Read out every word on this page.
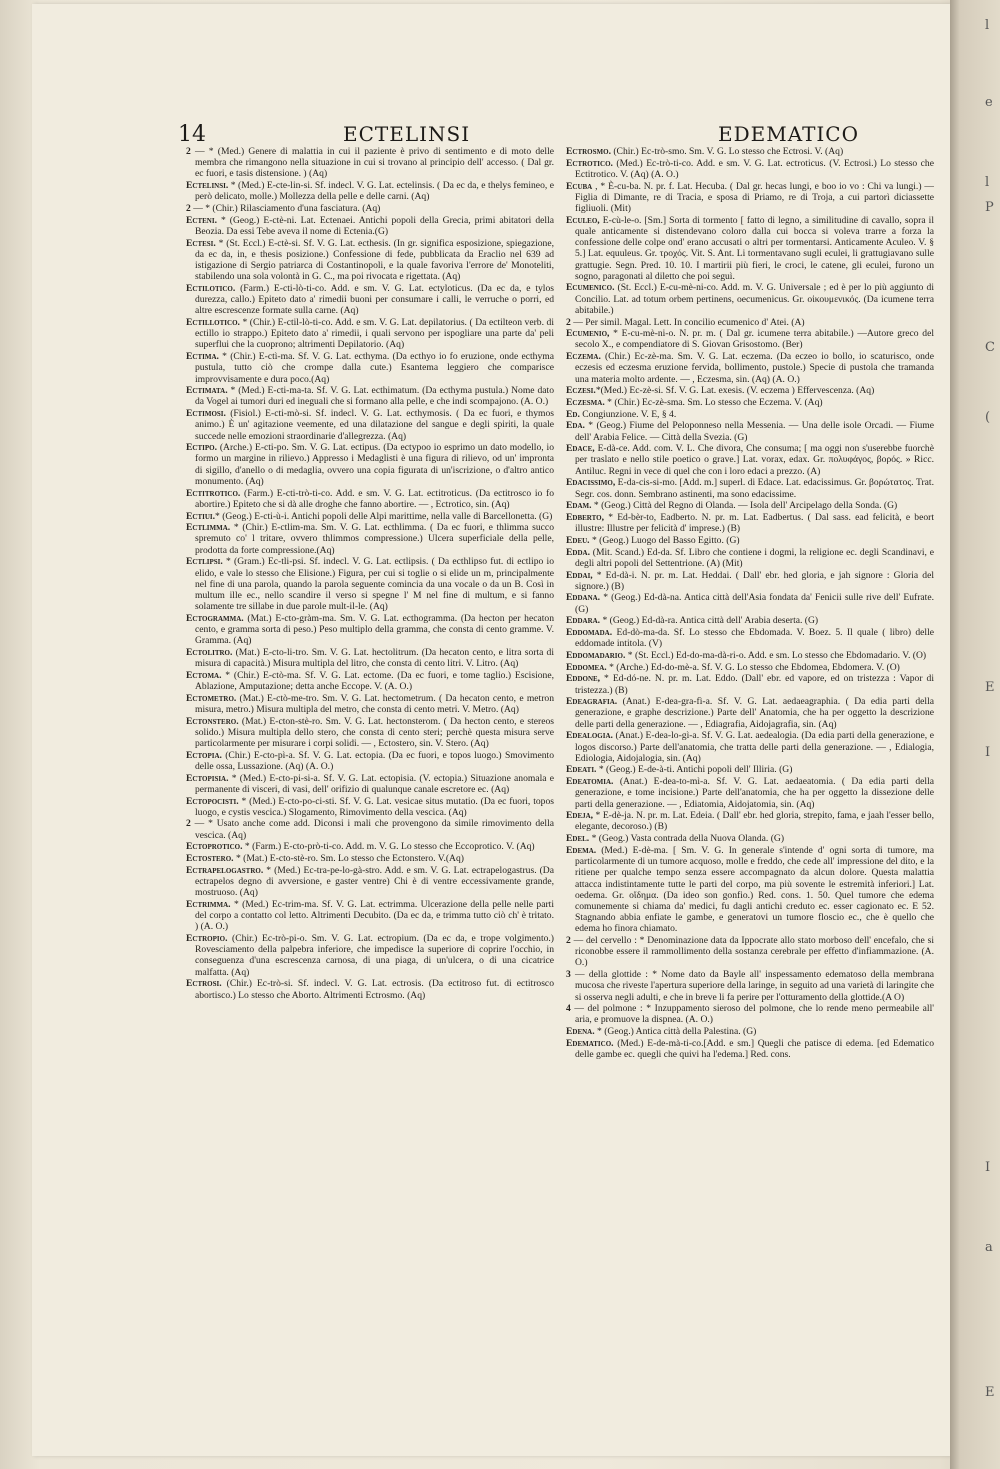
l
e
l
P
C
(
E
I
I
a
E
14	ECTELINSI	EDEMATICO

2 — * (Med.) Genere di malattia in cui il paziente è privo di sentimento e di moto delle membra che rimangono nella situazione in cui si trovano al principio dell' accesso. ( Dal gr. ec fuori, e tasis distensione. ) (Aq)

Ectelinsi. * (Med.) E-cte-lin-si. Sf. indecl. V. G. Lat. ectelinsis. ( Da ec da, e thelys femineo, e però delicato, molle.) Mollezza della pelle e delle carni. (Aq)

2 — * (Chir.) Rilasciamento d'una fasciatura. (Aq)

Ecteni. * (Geog.) E-ctè-ni. Lat. Ectenaei. Antichi popoli della Grecia, primi abitatori della Beozia. Da essi Tebe aveva il nome di Ectenia.(G)

Ectesi. * (St. Eccl.) E-ctè-si. Sf. V. G. Lat. ecthesis. (In gr. significa esposizione, spiegazione, da ec da, in, e thesis posizione.) Confessione di fede, pubblicata da Eraclio nel 639 ad istigazione di Sergio patriarca di Costantinopoli, e la quale favoriva l'errore de' Monoteliti, stabilendo una sola volontà in G. C., ma poi rivocata e rigettata. (Aq)

Ectilotico. (Farm.) E-cti-lò-ti-co. Add. e sm. V. G. Lat. ectyloticus. (Da ec da, e tylos durezza, callo.) Epiteto dato a' rimedii buoni per consumare i calli, le verruche o porri, ed altre escrescenze formate sulla carne. (Aq)

Ectillotico. * (Chir.) E-ctil-lò-ti-co. Add. e sm. V. G. Lat. depilatorius. ( Da ectilteon verb. di ectillo io strappo.) Epiteto dato a' rimedii, i quali servono per ispogliare una parte da' peli superflui che la cuoprono; altrimenti Depilatorio. (Aq)

Ectima. * (Chir.) E-ctì-ma. Sf. V. G. Lat. ecthyma. (Da ecthyo io fo eruzione, onde ecthyma pustula, tutto ciò che crompe dalla cute.) Esantema leggiero che comparisce improvvisamente e dura poco.(Aq)

Ectimata. * (Med.) E-cti-ma-ta. Sf. V. G. Lat. ecthimatum. (Da ecthyma pustula.) Nome dato da Vogel ai tumori duri ed ineguali che si formano alla pelle, e che indi scompajono. (A. O.)

Ectimosi. (Fisiol.) E-cti-mò-si. Sf. indecl. V. G. Lat. ecthymosis. ( Da ec fuori, e thymos animo.) È un' agitazione veemente, ed una dilatazione del sangue e degli spiriti, la quale succede nelle emozioni straordinarie d'allegrezza. (Aq)

Ectipo. (Arche.) E-cti-po. Sm. V. G. Lat. ectipus. (Da ectypoo io esprimo un dato modello, io formo un margine in rilievo.) Appresso i Medaglisti è una figura di rilievo, od un' impronta di sigillo, d'anello o di medaglia, ovvero una copia figurata di un'iscrizione, o d'altro antico monumento. (Aq)

Ectitrotico. (Farm.) E-cti-trò-ti-co. Add. e sm. V. G. Lat. ectitroticus. (Da ectitrosco io fo abortire.) Epiteto che si dà alle droghe che fanno abortire. — , Ectrotico, sin. (Aq)

Ectiui.* (Geog.) E-cti-ù-i. Antichi popoli delle Alpi marittime, nella valle di Barcellonetta. (G)

Ectlimma. * (Chir.) E-ctlim-ma. Sm. V. G. Lat. ecthlimma. ( Da ec fuori, e thlimma succo spremuto co' l tritare, ovvero thlimmos compressione.) Ulcera superficiale della pelle, prodotta da forte compressione.(Aq)

Ectlipsi. * (Gram.) Ec-tli-psi. Sf. indecl. V. G. Lat. ectlipsis. ( Da ecthlipso fut. di ectlipo io elido, e vale lo stesso che Elisione.) Figura, per cui si toglie o si elide un m, principalmente nel fine di una parola, quando la parola seguente comincia da una vocale o da un B. Così in multum ille ec., nello scandire il verso si spegne l' M nel fine di multum, e si fanno solamente tre sillabe in due parole mult-il-le. (Aq)

Ectogramma. (Mat.) E-cto-gràm-ma. Sm. V. G. Lat. ecthogramma. (Da hecton per hecaton cento, e gramma sorta di peso.) Peso multiplo della gramma, che consta di cento gramme. V. Gramma. (Aq)

Ectolitro. (Mat.) E-cto-li-tro. Sm. V. G. Lat. hectolitrum. (Da hecaton cento, e litra sorta di misura di capacità.) Misura multipla del litro, che consta di cento litri. V. Litro. (Aq)

Ectoma. * (Chir.) E-ctò-ma. Sf. V. G. Lat. ectome. (Da ec fuori, e tome taglio.) Escisione, Ablazione, Amputazione; detta anche Eccope. V. (A. O.)

Ectometro. (Mat.) E-ctò-me-tro. Sm. V. G. Lat. hectometrum. ( Da hecaton cento, e metron misura, metro.) Misura multipla del metro, che consta di cento metri. V. Metro. (Aq)

Ectonstero. (Mat.) E-cton-stè-ro. Sm. V. G. Lat. hectonsterom. ( Da hecton cento, e stereos solido.) Misura multipla dello stero, che consta di cento steri; perchè questa misura serve particolarmente per misurare i corpi solidi. — , Ectostero, sin. V. Stero. (Aq)

Ectopia. (Chir.) E-cto-pì-a. Sf. V. G. Lat. ectopia. (Da ec fuori, e topos luogo.) Smovimento delle ossa, Lussazione. (Aq) (A. O.)

Ectopisia. * (Med.) E-cto-pi-si-a. Sf. V. G. Lat. ectopisia. (V. ectopia.) Situazione anomala e permanente di visceri, di vasi, dell' orifizio di qualunque canale escretore ec. (Aq)

Ectopocisti. * (Med.) E-cto-po-ci-sti. Sf. V. G. Lat. vesicae situs mutatio. (Da ec fuori, topos luogo, e cystis vescica.) Slogamento, Rimovimento della vescica. (Aq)

2 — * Usato anche come add. Diconsi i mali che provengono da simile rimovimento della vescica. (Aq)

Ectoprotico. * (Farm.) E-cto-prò-ti-co. Add. m. V. G. Lo stesso che Eccoprotico. V. (Aq)

Ectostero. * (Mat.) E-cto-stè-ro. Sm. Lo stesso che Ectonstero. V.(Aq)

Ectrapelogastro. * (Med.) Ec-tra-pe-lo-gà-stro. Add. e sm. V. G. Lat. ectrapelogastrus. (Da ectrapelos degno di avversione, e gaster ventre) Chi è di ventre eccessivamente grande, mostruoso. (Aq)

Ectrimma. * (Med.) Ec-trim-ma. Sf. V. G. Lat. ectrimma. Ulcerazione della pelle nelle parti del corpo a contatto col letto. Altrimenti Decubito. (Da ec da, e trimma tutto ciò ch' è tritato. ) (A. O.)

Ectropio. (Chir.) Ec-trò-pi-o. Sm. V. G. Lat. ectropium. (Da ec da, e trope volgimento.) Rovesciamento della palpebra inferiore, che impedisce la superiore di coprire l'occhio, in conseguenza d'una escrescenza carnosa, di una piaga, di un'ulcera, o di una cicatrice malfatta. (Aq)

Ectrosi. (Chir.) Ec-trò-si. Sf. indecl. V. G. Lat. ectrosis. (Da ectitroso fut. di ectitrosco abortisco.) Lo stesso che Aborto. Altrimenti Ectrosmo. (Aq)

Ectrosmo. (Chir.) Ec-trò-smo. Sm. V. G. Lo stesso che Ectrosi. V. (Aq)

Ectrotico. (Med.) Ec-trò-ti-co. Add. e sm. V. G. Lat. ectroticus. (V. Ectrosi.) Lo stesso che Ectitrotico. V. (Aq) (A. O.)

Ecuba , * È-cu-ba. N. pr. f. Lat. Hecuba. ( Dal gr. hecas lungi, e boo io vo : Chi va lungi.) — Figlia di Dimante, re di Tracia, e sposa di Priamo, re di Troja, a cui partorì diciassette figliuoli. (Mit)

Eculeo, E-cù-le-o. [Sm.] Sorta di tormento [ fatto di legno, a similitudine di cavallo, sopra il quale anticamente si distendevano coloro dalla cui bocca si voleva trarre a forza la confessione delle colpe ond' erano accusati o altri per tormentarsi. Anticamente Aculeo. V. § 5.] Lat. equuleus. Gr. τροχός. Vit. S. Ant. Li tormentavano sugli eculei, li grattugiavano sulle grattugie. Segn. Pred. 10. 10. I martirii più fieri, le croci, le catene, gli eculei, furono un sogno, paragonati al diletto che poi seguì.

Ecumenico. (St. Eccl.) E-cu-mè-ni-co. Add. m. V. G. Universale ; ed è per lo più aggiunto di Concilio. Lat. ad totum orbem pertinens, oecumenicus. Gr. οἰκουμενικός. (Da icumene terra abitabile.)

2 — Per simil. Magal. Lett. In concilio ecumenico d' Atei. (A)

Ecumenio, * E-cu-mè-ni-o. N. pr. m. ( Dal gr. icumene terra abitabile.) —Autore greco del secolo X., e compendiatore di S. Giovan Grisostomo. (Ber)

Eczema. (Chir.) Ec-zè-ma. Sm. V. G. Lat. eczema. (Da eczeo io bollo, io scaturisco, onde eczesis ed eczesma eruzione fervida, bollimento, pustole.) Specie di pustola che tramanda una materia molto ardente. — , Eczesma, sin. (Aq) (A. O.)

Eczesi.*(Med.) Ec-zè-si. Sf. V. G. Lat. exesis. (V. eczema ) Effervescenza. (Aq)

Eczesma. * (Chir.) Ec-zè-sma. Sm. Lo stesso che Eczema. V. (Aq)

Ed. Congiunzione. V. E, § 4.

Eda. * (Geog.) Fiume del Peloponneso nella Messenia. — Una delle isole Orcadi. — Fiume dell' Arabia Felice. — Città della Svezia. (G)

Edace, E-dà-ce. Add. com. V. L. Che divora, Che consuma; [ ma oggi non s'userebbe fuorchè per traslato e nello stile poetico o grave.] Lat. vorax, edax. Gr. πολυφάγος, βορός. » Ricc. Antiluc. Regni in vece di quel che con i loro edaci a prezzo. (A)

Edacissimo, E-da-cis-si-mo. [Add. m.] superl. di Edace. Lat. edacissimus. Gr. βορώτατος. Trat. Segr. cos. donn. Sembrano astinenti, ma sono edacissime.

Edam. * (Geog.) Città del Regno di Olanda. — Isola dell' Arcipelago della Sonda. (G)

Edberto, * Ed-bèr-to, Eadberto. N. pr. m. Lat. Eadbertus. ( Dal sass. ead felicità, e beort illustre: Illustre per felicità d' imprese.) (B)

Edeu. * (Geog.) Luogo del Basso Egitto. (G)

Edda. (Mit. Scand.) Ed-da. Sf. Libro che contiene i dogmi, la religione ec. degli Scandinavi, e degli altri popoli del Settentrione. (A) (Mit)

Eddai, * Ed-dà-i. N. pr. m. Lat. Heddai. ( Dall' ebr. hed gloria, e jah signore : Gloria del signore.) (B)

Eddana. * (Geog.) Ed-dà-na. Antica città dell'Asia fondata da' Fenicii sulle rive dell' Eufrate. (G)

Eddara. * (Geog.) Ed-dà-ra. Antica città dell' Arabia deserta. (G)

Eddomada. Ed-dò-ma-da. Sf. Lo stesso che Ebdomada. V. Boez. 5. Il quale ( libro) delle eddomade intitola. (V)

Eddomadario. * (St. Eccl.) Ed-do-ma-dà-ri-o. Add. e sm. Lo stesso che Ebdomadario. V. (O)

Eddomea. * (Arche.) Ed-do-mè-a. Sf. V. G. Lo stesso che Ebdomea, Ebdomera. V. (O)

Eddone, * Ed-dó-ne. N. pr. m. Lat. Eddo. (Dall' ebr. ed vapore, ed on tristezza : Vapor di tristezza.) (B)

Edeagrafia. (Anat.) E-dea-gra-fì-a. Sf. V. G. Lat. aedaeagraphia. ( Da edia parti della generazione, e graphe descrizione.) Parte dell' Anatomia, che ha per oggetto la descrizione delle parti della generazione. — , Ediagrafia, Aidojagrafia, sin. (Aq)

Edealogia. (Anat.) E-dea-lo-gì-a. Sf. V. G. Lat. aedealogia. (Da edia parti della generazione, e logos discorso.) Parte dell'anatomia, che tratta delle parti della generazione. — , Edialogia, Ediologia, Aidojalogia, sin. (Aq)

Edeati. * (Geog.) E-de-à-ti. Antichi popoli dell' Illiria. (G)

Edeatomia. (Anat.) E-dea-to-mì-a. Sf. V. G. Lat. aedaeatomia. ( Da edia parti della generazione, e tome incisione.) Parte dell'anatomia, che ha per oggetto la dissezione delle parti della generazione. — , Ediatomia, Aidojatomia, sin. (Aq)

Edeja, * E-dè-ja. N. pr. m. Lat. Edeia. ( Dall' ebr. hed gloria, strepito, fama, e jaah l'esser bello, elegante, decoroso.) (B)

Edel. * (Geog.) Vasta contrada della Nuova Olanda. (G)

Edema. (Med.) E-dè-ma. [ Sm. V. G. In generale s'intende d' ogni sorta di tumore, ma particolarmente di un tumore acquoso, molle e freddo, che cede all' impressione del dito, e la ritiene per qualche tempo senza essere accompagnato da alcun dolore. Questa malattia attacca indistintamente tutte le parti del corpo, ma più sovente le estremità inferiori.] Lat. oedema. Gr. οἴδημα. (Da ideo son gonfio.) Red. cons. 1. 50. Quel tumore che edema comunemente si chiama da' medici, fu dagli antichi creduto ec. esser cagionato ec. E 52. Stagnando abbia enfiate le gambe, e generatovi un tumore floscio ec., che è quello che edema ho finora chiamato.

2 — del cervello : * Denominazione data da Ippocrate allo stato morboso dell' encefalo, che si riconobbe essere il rammollimento della sostanza cerebrale per effetto d'infiammazione. (A. O.)

3 — della glottide : * Nome dato da Bayle all' inspessamento edematoso della membrana mucosa che riveste l'apertura superiore della laringe, in seguito ad una varietà di laringite che si osserva negli adulti, e che in breve li fa perire per l'otturamento della glottide.(A O)

4 — del polmone : * Inzuppamento sieroso del polmone, che lo rende meno permeabile all' aria, e promuove la dispnea. (A. O.)

Edena. * (Geog.) Antica città della Palestina. (G)

Edematico. (Med.) E-de-mà-ti-co.[Add. e sm.] Quegli che patisce di edema. [ed Edematico delle gambe ec. quegli che quivi ha l'edema.] Red. cons.
